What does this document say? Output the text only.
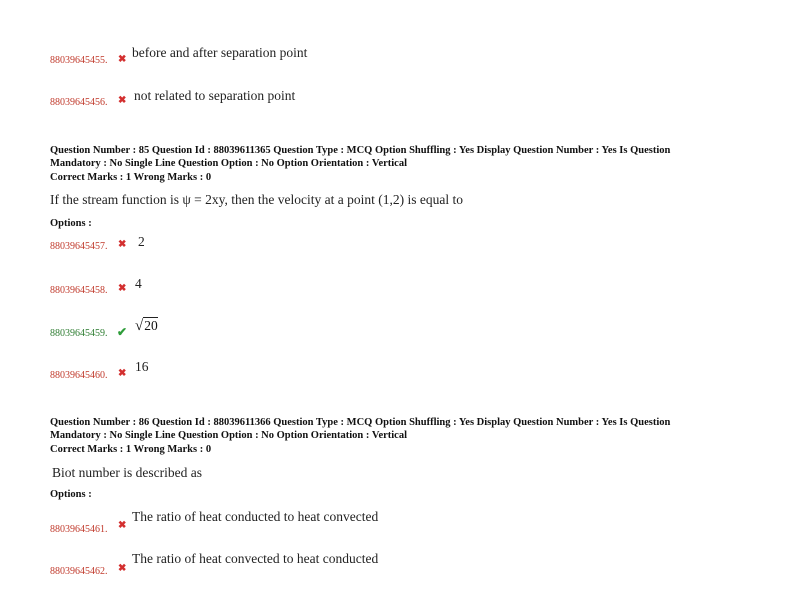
88039645455. ✖ before and after separation point
88039645456. ✖ not related to separation point
Question Number : 85 Question Id : 88039611365 Question Type : MCQ Option Shuffling : Yes Display Question Number : Yes Is Question
Mandatory : No Single Line Question Option : No Option Orientation : Vertical
Correct Marks : 1 Wrong Marks : 0
If the stream function is ψ = 2xy, then the velocity at a point (1,2) is equal to
Options :
88039645457. ✖ 2
88039645458. ✖ 4
88039645459. ✔ √20
88039645460. ✖ 16
Question Number : 86 Question Id : 88039611366 Question Type : MCQ Option Shuffling : Yes Display Question Number : Yes Is Question
Mandatory : No Single Line Question Option : No Option Orientation : Vertical
Correct Marks : 1 Wrong Marks : 0
Biot number is described as
Options :
88039645461. ✖
The ratio of heat conducted to heat convected
88039645462. ✖
The ratio of heat convected to heat conducted
